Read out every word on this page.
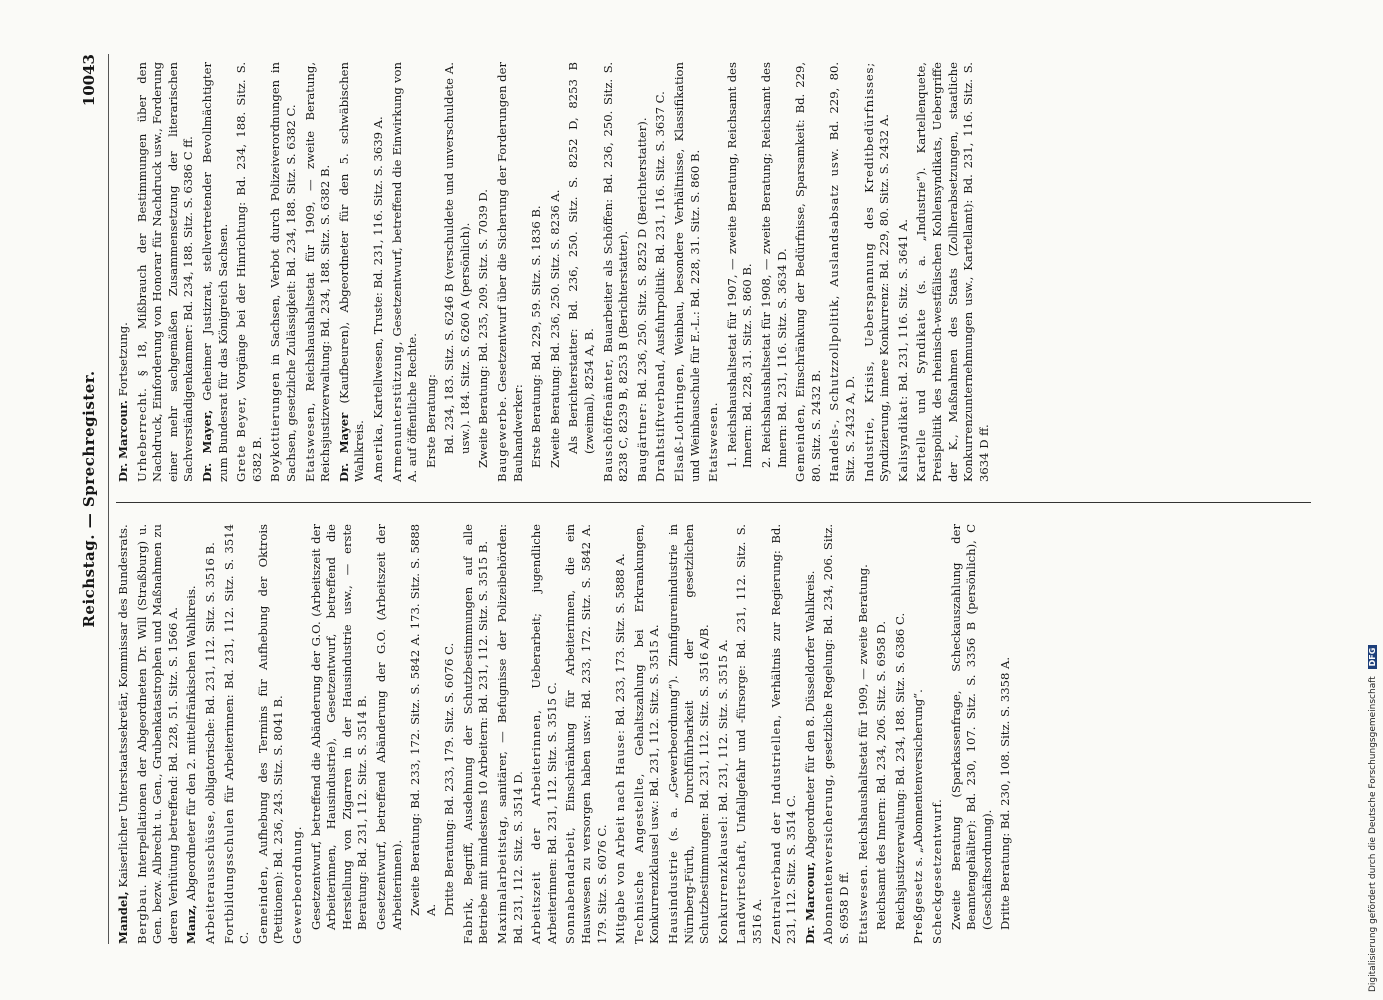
Reichstag. — Sprechregister.
10043

Mandel, Kaiserlicher Unterstaatssekretär, Kommissar des Bundesrats.

Bergbau. Interpellationen der Abgeordneten Dr. Will (Straßburg) u. Gen. bezw. Albrecht u. Gen., Grubenkatastrophen und Maßnahmen zu deren Verhütung betreffend: Bd. 228, 51. Sitz. S. 1566 A. Manz, Abgeordneter für den 2. mittelfränkischen Wahlkreis. Arbeiterausschüsse, obligatorische: Bd. 231, 112. Sitz. S. 3516 B.

Fortbildungsschulen für Arbeiterinnen: Bd. 231, 112. Sitz. S. 3514 C. Gemeinden, Aufhebung des Termins für Aufhebung der Oktrois (Petitionen): Bd. 236, 243. Sitz. S. 8041 B. Gewerbeordnung. Gesetzentwurf, betreffend die Abänderung der G.O. (Arbeitszeit der Arbeiterinnen, Hausindustrie), Gesetzentwurf, betreffend die Herstellung von Zigarren in der Hausindustrie usw., — erste Beratung: Bd. 231, 112. Sitz. S. 3514 B. Gesetzentwurf, betreffend Abänderung der G.O. (Arbeitszeit der Arbeiterinnen). Zweite Beratung: Bd. 233, 172. Sitz. S. 5842 A. 173. Sitz. S. 5888 A. Dritte Beratung: Bd. 233, 179. Sitz. S. 6076 C.

Fabrik, Begriff, Ausdehnung der Schutzbestimmungen auf alle Betriebe mit mindestens 10 Arbeitern: Bd. 231, 112. Sitz. S. 3515 B. Maximalarbeitstag, sanitärer, — Befugnisse der Polizeibehörden: Bd. 231, 112. Sitz. S. 3514 D. Arbeitszeit der Arbeiterinnen, Ueberarbeit; jugendliche Arbeiterinnen: Bd. 231, 112. Sitz. S. 3515 C. Sonnabendarbeit, Einschränkung für Arbeiterinnen, die ein Hauswesen zu versorgen haben usw.: Bd. 233, 172. Sitz. S. 5842 A. 179. Sitz. S. 6076 C. Mitgabe von Arbeit nach Hause: Bd. 233, 173. Sitz. S. 5888 A.

Technische Angestellte, Gehaltszahlung bei Erkrankungen, Konkurrenzklausel usw.: Bd. 231, 112. Sitz. S. 3515 A. Hausindustrie (s. a. „Gewerbeordnung“). Zinnfigurenindustrie in Nürnberg-Fürth, Durchführbarkeit der gesetzlichen Schutzbestimmungen: Bd. 231, 112. Sitz. S. 3516 A/B. Konkurrenzklausel: Bd. 231, 112. Sitz. S. 3515 A.

Landwirtschaft, Unfallgefahr und -fürsorge: Bd. 231, 112. Sitz. S. 3516 A. Zentralverband der Industriellen, Verhältnis zur Regierung: Bd. 231, 112. Sitz. S. 3514 C. Dr. Marcour, Abgeordneter für den 8. Düsseldorfer Wahlkreis.

Abonnentenversicherung, gesetzliche Regelung: Bd. 234, 206. Sitz. S. 6958 D ff. Etatswesen. Reichshaushaltsetat für 1909, — zweite Beratung. Reichsamt des Innern: Bd. 234, 206. Sitz. S. 6958 D. Reichsjustizverwaltung: Bd. 234, 188. Sitz. S. 6386 C. Preßgesetz s. „Abonnentenversicherung“.

Scheckgesetzentwurf. Zweite Beratung (Sparkassenfrage, Scheckauszahlung der Beamtengehälter): Bd. 230, 107. Sitz. S. 3356 B (persönlich), C (Geschäftsordnung). Dritte Beratung: Bd. 230, 108. Sitz. S. 3358 A.

Dr. Marcour. Fortsetzung.

Urheberrecht. § 18, Mißbrauch der Bestimmungen über den Nachdruck, Einforderung von Honorar für Nachdruck usw., Forderung einer mehr sachgemäßen Zusammensetzung der literarischen Sachverständigenkammer: Bd. 234, 188. Sitz. S. 6386 C ff. Dr. Mayer, Geheimer Justizrat, stellvertretender Bevollmächtigter zum Bundesrat für das Königreich Sachsen. Grete Beyer, Vorgänge bei der Hinrichtung: Bd. 234, 188. Sitz. S. 6382 B. Boykottierungen in Sachsen, Verbot durch Polizeiverordnungen in Sachsen, gesetzliche Zulässigkeit: Bd. 234, 188. Sitz. S. 6382 C. Etatswesen, Reichshaushaltsetat für 1909, — zweite Beratung, Reichsjustizverwaltung: Bd. 234, 188. Sitz. S. 6382 B. Dr. Mayer (Kaufbeuren), Abgeordneter für den 5. schwäbischen Wahlkreis. Amerika, Kartellwesen, Truste: Bd. 231, 116. Sitz. S. 3639 A. Armenunterstützung, Gesetzentwurf, betreffend die Einwirkung von A. auf öffentliche Rechte. Erste Beratung: Bd. 234, 183. Sitz. S. 6246 B (verschuldete und unverschuldete A. usw.). 184. Sitz. S. 6260 A (persönlich). Zweite Beratung: Bd. 235, 209. Sitz. S. 7039 D. Baugewerbe. Gesetzentwurf über die Sicherung der Forderungen der Bauhandwerker: Erste Beratung: Bd. 229, 59. Sitz. S. 1836 B. Zweite Beratung: Bd. 236, 250. Sitz. S. 8236 A. Als Berichterstatter: Bd. 236, 250. Sitz. S. 8252 D, 8253 B (zweimal), 8254 A, B. Bauschöffenämter, Bauarbeiter als Schöffen: Bd. 236, 250. Sitz. S. 8238 C, 8239 B, 8253 B (Berichterstatter). Baugärtner: Bd. 236, 250. Sitz. S. 8252 D (Berichterstatter).

Drahtstiftverband, Ausfuhrpolitik: Bd. 231, 116. Sitz. S. 3637 C.

Elsaß-Lothringen, Weinbau, besondere Verhältnisse, Klassifikation und Weinbauschule für E.-L.: Bd. 228, 31. Sitz. S. 860 B. Etatswesen. 1. Reichshaushaltsetat für 1907, — zweite Beratung, Reichsamt des Innern: Bd. 228, 31. Sitz. S. 860 B. 2. Reichshaushaltsetat für 1908, — zweite Beratung; Reichsamt des Innern: Bd. 231, 116. Sitz. S. 3634 D. Gemeinden, Einschränkung der Bedürfnisse, Sparsamkeit: Bd. 229, 80. Sitz. S. 2432 B. Handels-, Schutzzollpolitik, Auslandsabsatz usw. Bd. 229, 80. Sitz. S. 2432 A, D. Industrie, Krisis, Ueberspannung des Kreditbedürfnisses; Syndizierung, innere Konkurrenz: Bd. 229, 80. Sitz. S. 2432 A. Kalisyndikat: Bd. 231, 116. Sitz. S. 3641 A.

Kartelle und Syndikate (s. a. „Industrie“). Kartellenquete, Preispolitik des rheinisch-westfälischen Kohlensyndikats, Uebergriffe der K., Maßnahmen des Staats (Zollherabsetzungen, staatliche Konkurrenzunternehmungen usw., Kartellamt): Bd. 231, 116. Sitz. S. 3634 D ff.

Digitalisierung gefördert durch die Deutsche Forschungsgemeinschaft DFG
